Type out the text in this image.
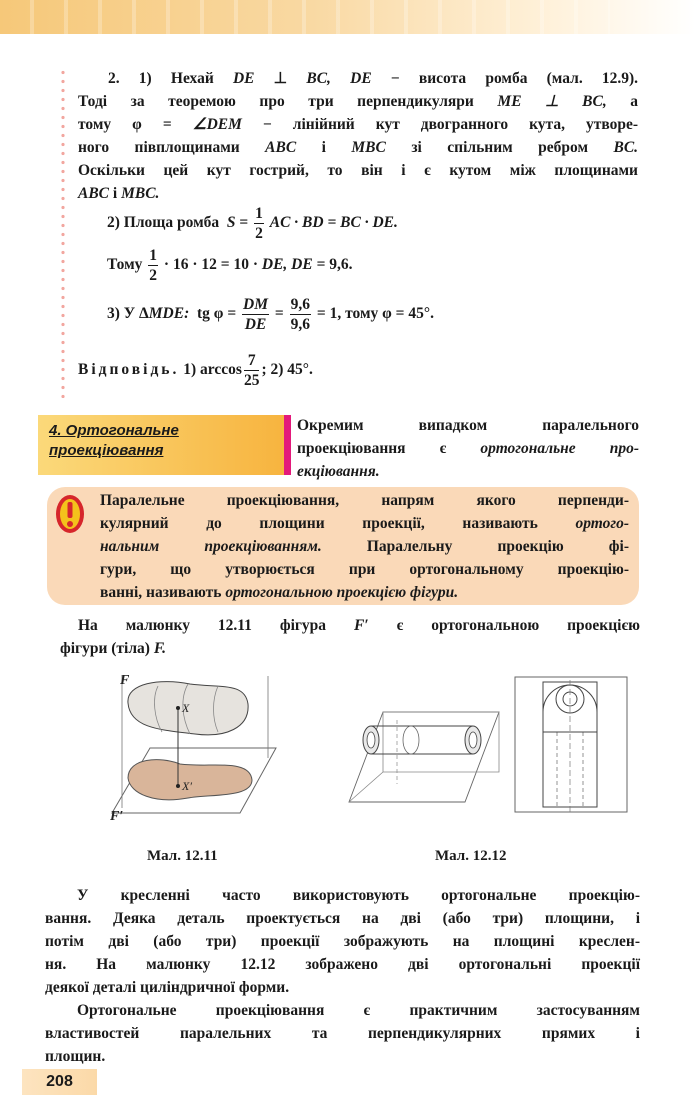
2. 1) Нехай DE ⊥ BC, DE − висота ромба (мал. 12.9).

Тоді за теоремою про три перпендикуляри ME ⊥ BC, а

тому φ = ∠DEM − лінійний кут двогранного кута, утворе-

ного півплощинами ABC і MBC зі спільним ребром BC.

Оскільки цей кут гострий, то він і є кутом між площинами

ABC і MBC.

2) Площа ромба $S = \frac{1}{2}$ AC · BD = BC · DE.

Тому $\frac{1}{2} \cdot 16 \cdot 12 = 10$ · DE, DE = 9,6.

3) У ΔMDE: tg $\varphi = \frac{DM}{DE} = \frac{9,6}{9,6} = 1$, тому φ = 45°.

Відповідь. 1) $\arccos \frac{7}{25}$ ; 2) 45°.

4. Ортогональне
проекціювання

Окремим випадком паралельного

проекціювання є ортогональне про-

екціювання.

Паралельне проекціювання, напрям якого перпенди-

кулярний до площини проекції, називають ортого-

нальним проекціюванням.	Паралельну проекцію фі-

гури, що утворюється при ортогональному проекцію-

ванні, називають ортогональною проекцією фігури.

На малюнку 12.11 фігура F′ є ортогональною проекцією

фігури (тіла) F.

X
X′
F
F′
Мал. 12.11	Мал. 12.12

У кресленні часто використовують ортогональне проекцію-

вання. Деяка деталь проектується на дві (або три) площини, і

потім дві (або три) проекції зображують на площині креслен-

ня. На малюнку 12.12 зображено дві ортогональні проекції

деякої деталі циліндричної форми.

Ортогональне проекціювання є практичним застосуванням

властивостей паралельних та перпендикулярних прямих і

площин.

208
